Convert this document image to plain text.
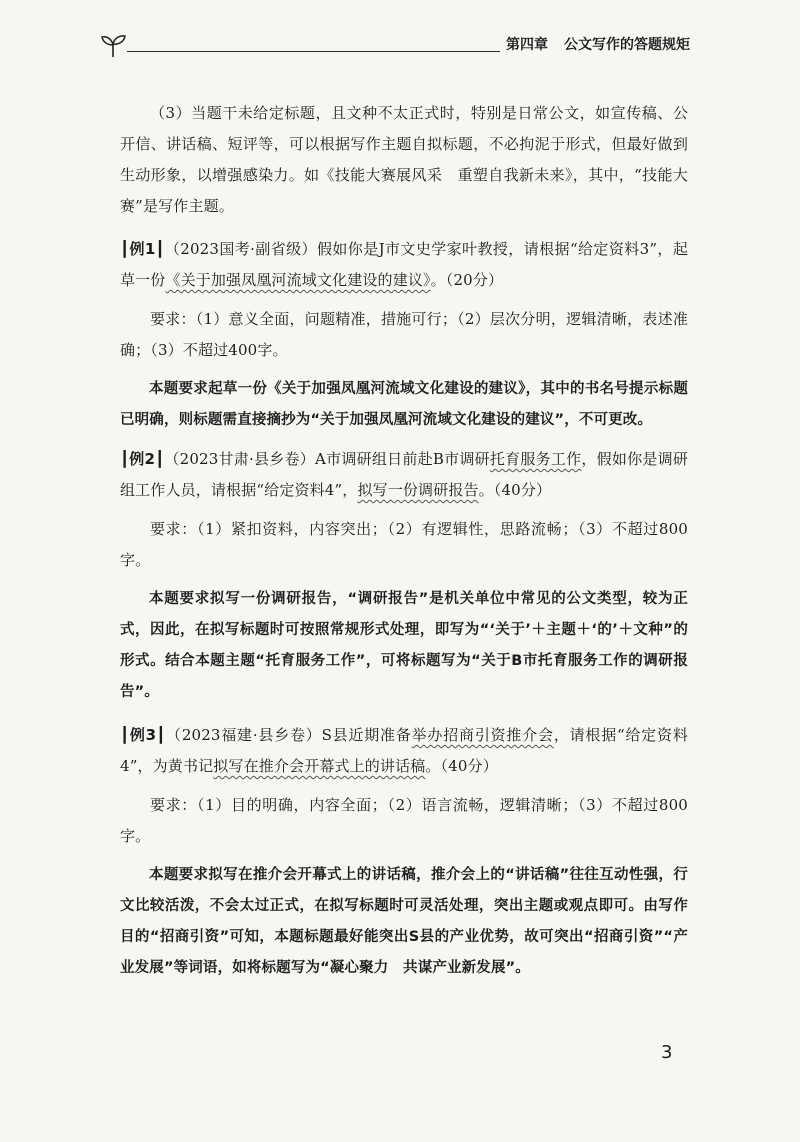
第四章 公文写作的答题规矩

（3）当题干未给定标题，且文种不太正式时，特别是日常公文，如宣传稿、公开信、讲话稿、短评等，可以根据写作主题自拟标题，不必拘泥于形式，但最好做到生动形象，以增强感染力。如《技能大赛展风采　重塑自我新未来》，其中，“技能大赛”是写作主题。

┃例1┃（2023国考·副省级）假如你是J市文史学家叶教授，请根据“给定资料3”，起草一份《关于加强凤凰河流域文化建设的建议》。（20分）

要求：（1）意义全面，问题精准，措施可行；（2）层次分明，逻辑清晰，表述准确；（3）不超过400字。

本题要求起草一份《关于加强凤凰河流域文化建设的建议》，其中的书名号提示标题已明确，则标题需直接摘抄为“关于加强凤凰河流域文化建设的建议”，不可更改。

┃例2┃（2023甘肃·县乡卷）A市调研组日前赴B市调研托育服务工作，假如你是调研组工作人员，请根据“给定资料4”，拟写一份调研报告。（40分）

要求：（1）紧扣资料，内容突出；（2）有逻辑性，思路流畅；（3）不超过800字。

本题要求拟写一份调研报告，“调研报告”是机关单位中常见的公文类型，较为正式，因此，在拟写标题时可按照常规形式处理，即写为“‘关于’＋主题＋‘的’＋文种”的形式。结合本题主题“托育服务工作”，可将标题写为“关于B市托育服务工作的调研报告”。

┃例3┃（2023福建·县乡卷）S县近期准备举办招商引资推介会，请根据“给定资料4”，为黄书记拟写在推介会开幕式上的讲话稿。（40分）

要求：（1）目的明确，内容全面；（2）语言流畅，逻辑清晰；（3）不超过800字。

本题要求拟写在推介会开幕式上的讲话稿，推介会上的“讲话稿”往往互动性强，行文比较活泼，不会太过正式，在拟写标题时可灵活处理，突出主题或观点即可。由写作目的“招商引资”可知，本题标题最好能突出S县的产业优势，故可突出“招商引资”“产业发展”等词语，如将标题写为“凝心聚力　共谋产业新发展”。

3
